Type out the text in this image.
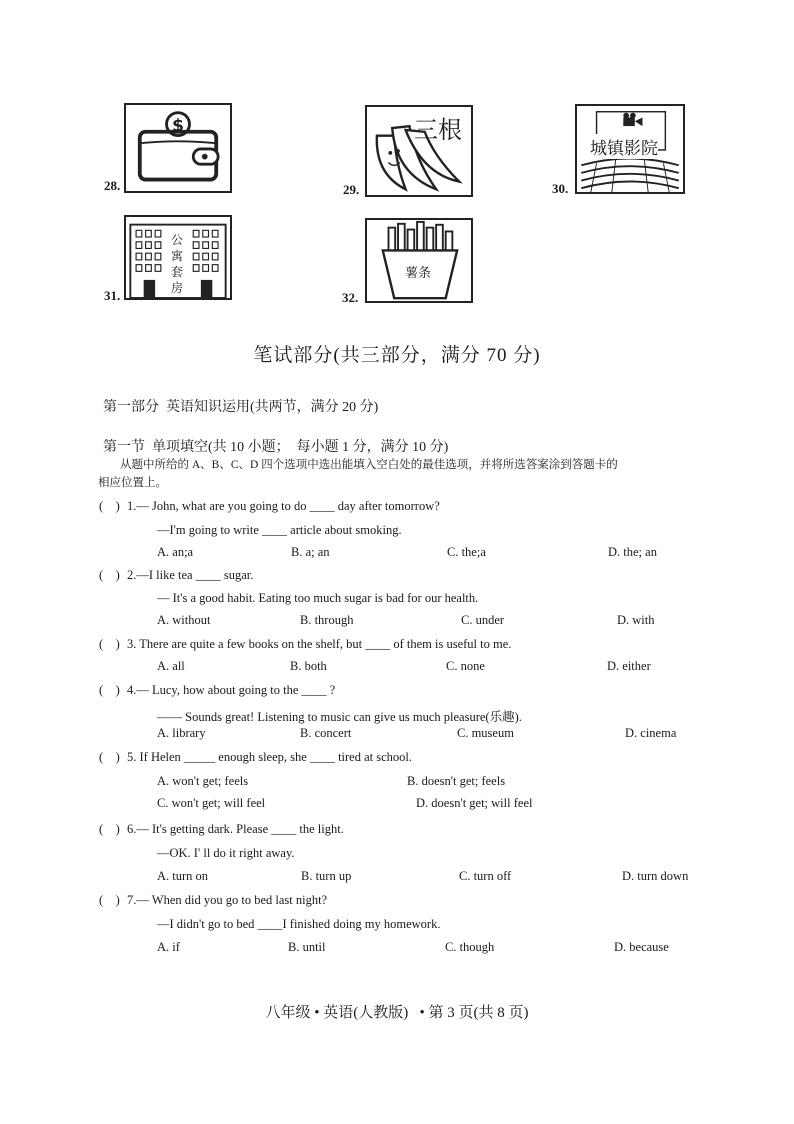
$
28.
三根
29.
城镇影院
30.
公寓套房
31.
薯条
32.
笔试部分(共三部分，满分 70 分)
第一部分  英语知识运用(共两节，满分 20 分)
第一节  单项填空(共 10 小题；  每小题 1 分，满分 10 分)
从题中所给的 A、B、C、D 四个选项中选出能填入空白处的最佳选项，并将所选答案涂到答题卡的
相应位置上。
(    ) 1.— John, what are you going to do ____ day after tomorrow?
—I'm going to write ____ article about smoking.
A. an;a	B. a; an	C. the;a	D. the; an
(    ) 2.—I like tea ____ sugar.
— It's a good habit. Eating too much sugar is bad for our health.
A. without	B. through	C. under	D. with
(    ) 3. There are quite a few books on the shelf, but ____ of them is useful to me.
A. all	B. both	C. none	D. either
(    ) 4.— Lucy, how about going to the ____ ?
—— Sounds great! Listening to music can give us much pleasure(乐趣).
A. library	B. concert	C. museum	D. cinema
(    ) 5. If Helen _____ enough sleep, she ____ tired at school.
A. won't get; feels	B. doesn't get; feels
C. won't get; will feel	D. doesn't get; will feel
(    ) 6.— It's getting dark. Please ____ the light.
—OK. I' ll do it right away.
A. turn on	B. turn up	C. turn off	D. turn down
(    ) 7.— When did you go to bed last night?
—I didn't go to bed ____I finished doing my homework.
A. if	B. until	C. though	D. because
八年级 • 英语(人教版)   • 第 3 页(共 8 页)
